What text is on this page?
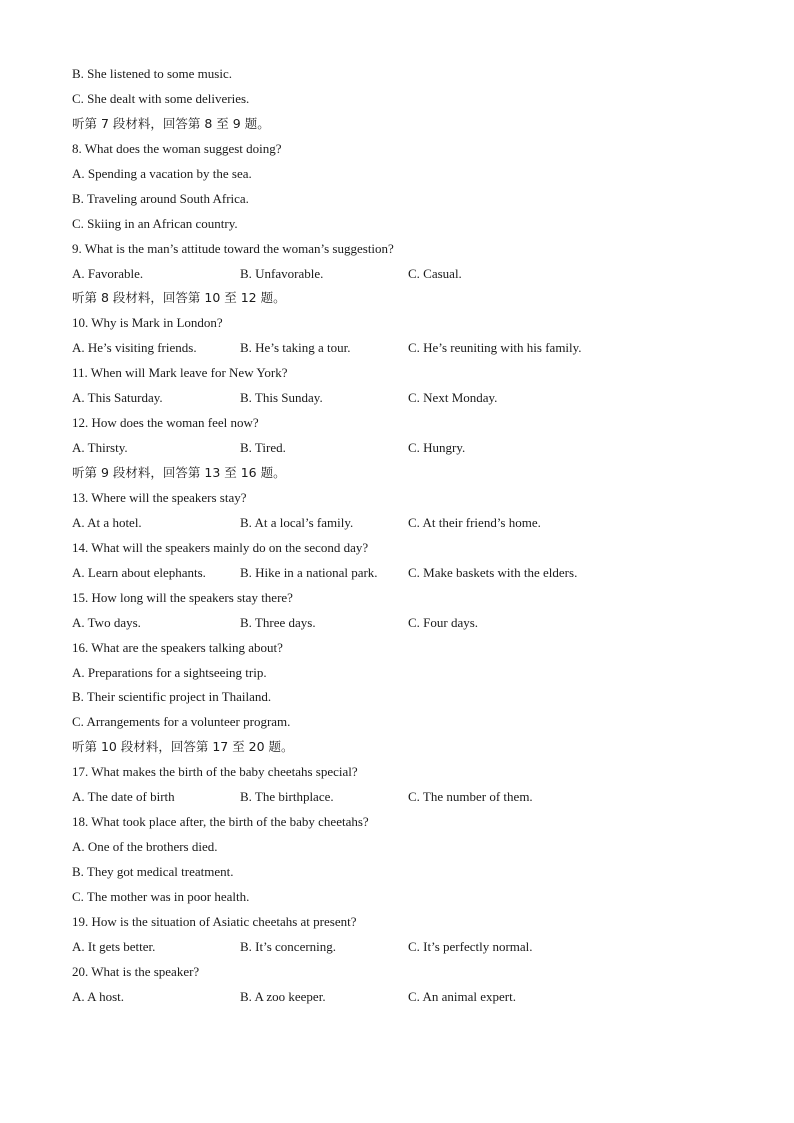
B. She listened to some music.
C. She dealt with some deliveries.
听第 7 段材料，回答第 8 至 9 题。
8. What does the woman suggest doing?
A. Spending a vacation by the sea.
B. Traveling around South Africa.
C. Skiing in an African country.
9. What is the man’s attitude toward the woman’s suggestion?
A. Favorable.	B. Unfavorable.	C. Casual.
听第 8 段材料，回答第 10 至 12 题。
10. Why is Mark in London?
A. He’s visiting friends.	B. He’s taking a tour.	C. He’s reuniting with his family.
11. When will Mark leave for New York?
A. This Saturday.	B. This Sunday.	C. Next Monday.
12. How does the woman feel now?
A. Thirsty.	B. Tired.	C. Hungry.
听第 9 段材料，回答第 13 至 16 题。
13. Where will the speakers stay?
A. At a hotel.	B. At a local’s family.	C. At their friend’s home.
14. What will the speakers mainly do on the second day?
A. Learn about elephants.	B. Hike in a national park. C. Make baskets with the elders.
15. How long will the speakers stay there?
A. Two days.	B. Three days.	C. Four days.
16. What are the speakers talking about?
A. Preparations for a sightseeing trip.
B. Their scientific project in Thailand.
C. Arrangements for a volunteer program.
听第 10 段材料，回答第 17 至 20 题。
17. What makes the birth of the baby cheetahs special?
A. The date of birth	B. The birthplace.	C. The number of them.
18. What took place after, the birth of the baby cheetahs?
A. One of the brothers died.
B. They got medical treatment.
C. The mother was in poor health.
19. How is the situation of Asiatic cheetahs at present?
A. It gets better.	B. It’s concerning.	C. It’s perfectly normal.
20. What is the speaker?
A. A host.	B. A zoo keeper.	C. An animal expert.
